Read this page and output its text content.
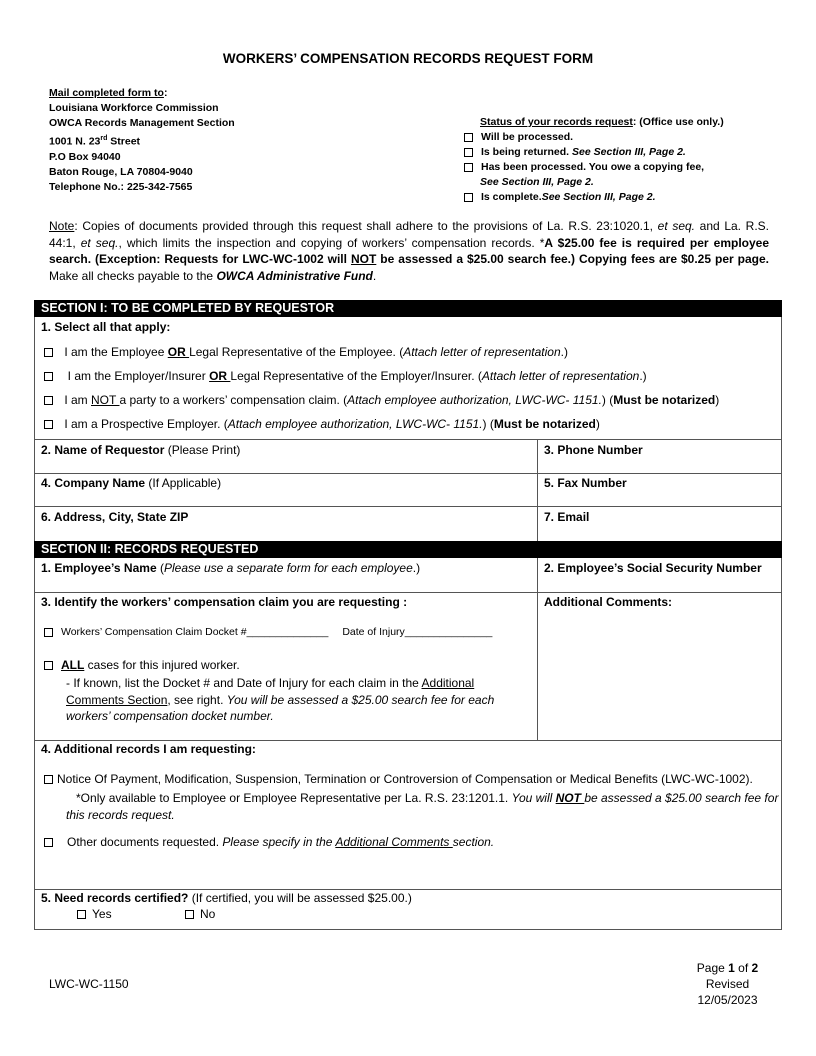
WORKERS’ COMPENSATION RECORDS REQUEST FORM
Mail completed form to:
Louisiana Workforce Commission
OWCA Records Management Section
1001 N. 23rd Street
P.O Box 94040
Baton Rouge, LA 70804-9040
Telephone No.: 225-342-7565
Status of your records request: (Office use only.)
Will be processed.
Is being returned.
See Section III, Page 2.
Has been processed. You owe a copying fee,
See Section III, Page 2.
Is complete. See Section III, Page 2.
Note: Copies of documents provided through this request shall adhere to the provisions of La. R.S. 23:1020.1, et seq. and La. R.S. 44:1, et seq., which limits the inspection and copying of workers’ compensation records. *A $25.00 fee is required per employee search. (Exception: Requests for LWC-WC-1002 will NOT be assessed a $25.00 search fee.) Copying fees are $0.25 per page. Make all checks payable to the OWCA Administrative Fund.
SECTION I: TO BE COMPLETED BY REQUESTOR
1. Select all that apply:
I am the Employee OR Legal Representative of the Employee. (Attach letter of representation.)
I am the Employer/Insurer OR Legal Representative of the Employer/Insurer. (Attach letter of representation.)
I am NOT a party to a workers’ compensation claim. (Attach employee authorization, LWC-WC- 1151.) (Must be notarized)
I am a Prospective Employer. (Attach employee authorization, LWC-WC- 1151.) (Must be notarized)
2. Name of Requestor (Please Print)	3. Phone Number
4. Company Name (If Applicable)	5. Fax Number
6. Address, City, State ZIP	7. Email
SECTION II: RECORDS REQUESTED
1. Employee’s Name (Please use a separate form for each employee.)	2. Employee’s Social Security Number
3. Identify the workers’ compensation claim you are requesting :	Additional Comments:
Workers’ Compensation Claim Docket #______________ Date of Injury_______________
ALL cases for this injured worker.
- If known, list the Docket # and Date of Injury for each claim in the Additional
Comments Section, see right. You will be assessed a $25.00 search fee for each
workers’ compensation docket number.
4. Additional records I am requesting:
Notice Of Payment, Modification, Suspension, Termination or Controversion of Compensation or Medical Benefits (LWC-WC-1002).
*Only available to Employee or Employee Representative per La. R.S. 23:1201.1. You will NOT be assessed a $25.00 search fee for
this records request.
Other documents requested. Please specify in the Additional Comments section.
5. Need records certified? (If certified, you will be assessed $25.00.)
Yes	No
LWC-WC-1150
Page 1 of 2
Revised
12/05/2023
